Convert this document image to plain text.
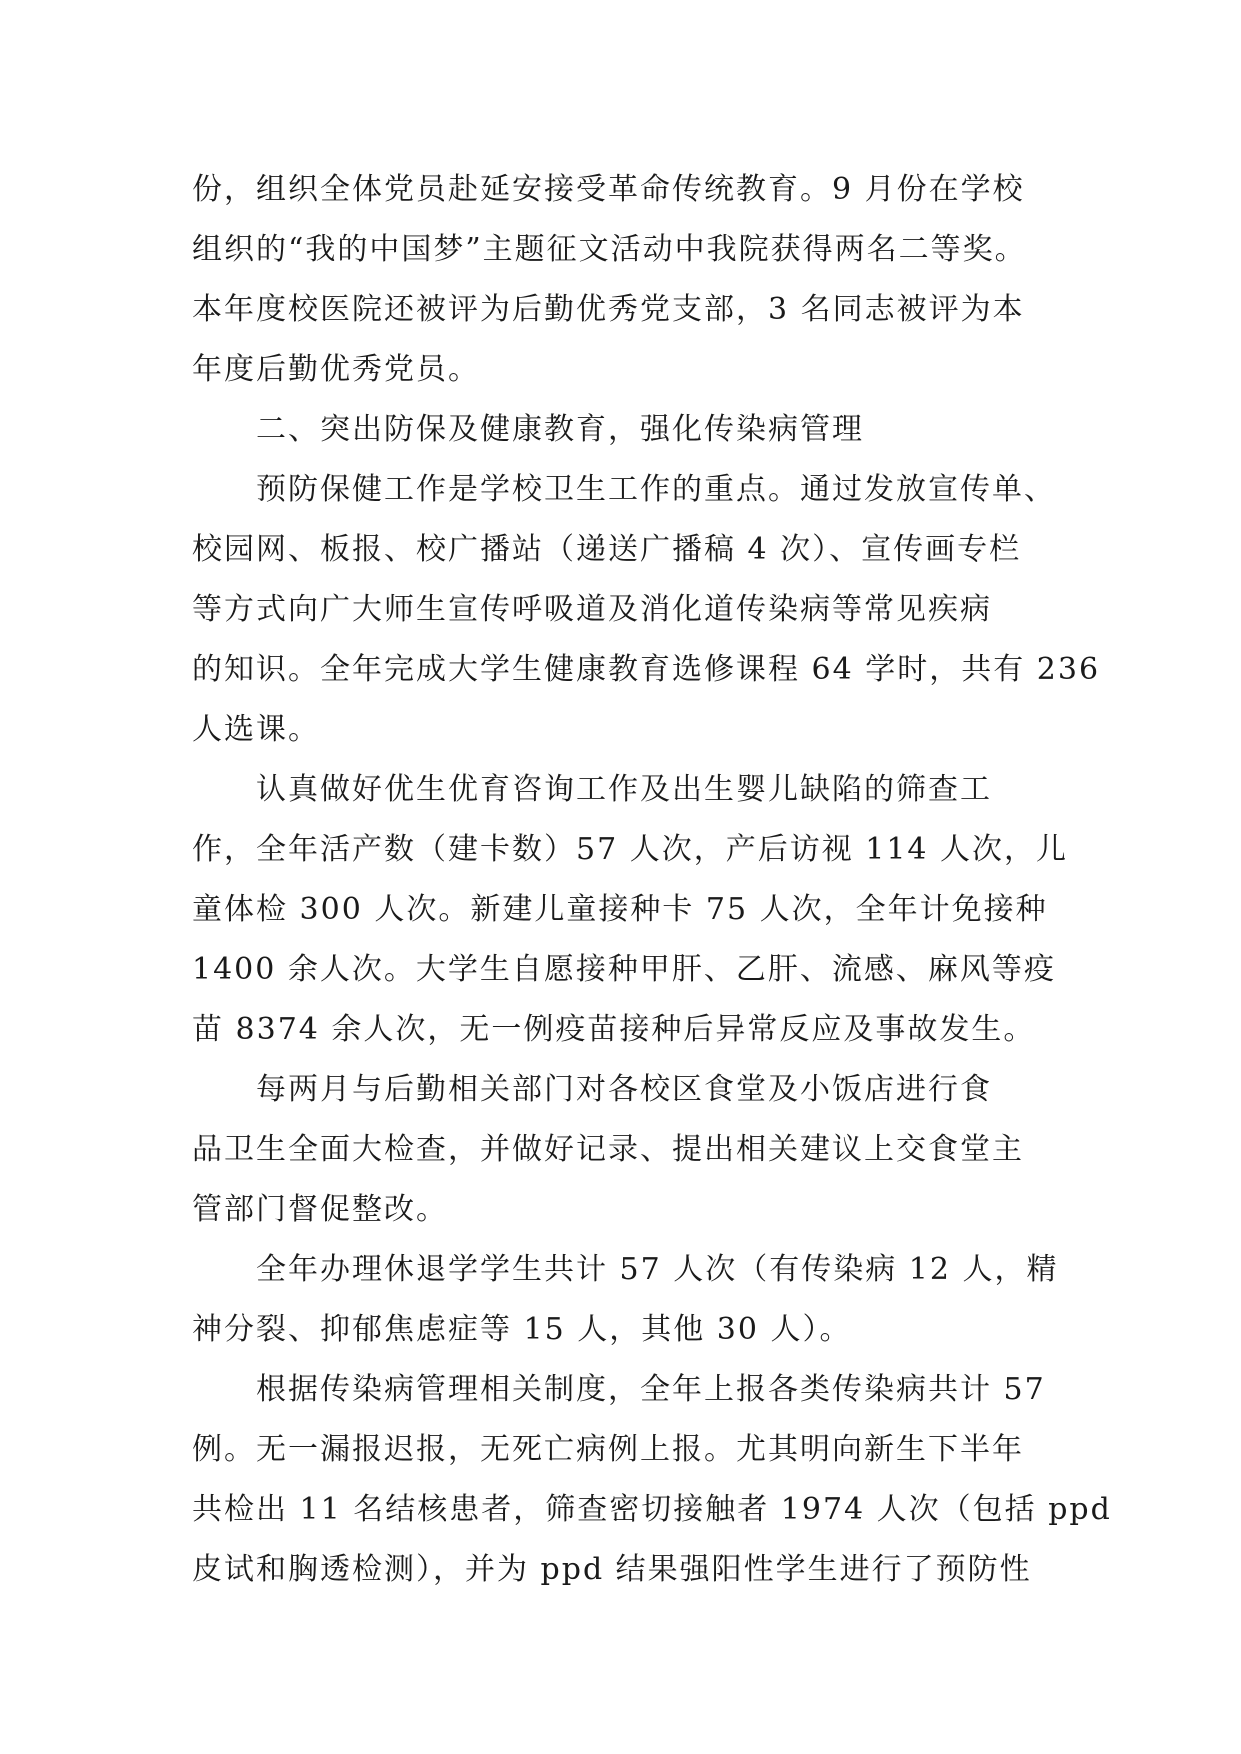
份，组织全体党员赴延安接受革命传统教育。9 月份在学校
组织的“我的中国梦”主题征文活动中我院获得两名二等奖。
本年度校医院还被评为后勤优秀党支部，3 名同志被评为本
年度后勤优秀党员。
二、突出防保及健康教育，强化传染病管理
预防保健工作是学校卫生工作的重点。通过发放宣传单、
校园网、板报、校广播站（递送广播稿 4 次）、宣传画专栏
等方式向广大师生宣传呼吸道及消化道传染病等常见疾病
的知识。全年完成大学生健康教育选修课程 64 学时，共有 236
人选课。
认真做好优生优育咨询工作及出生婴儿缺陷的筛查工
作，全年活产数（建卡数）57 人次，产后访视 114 人次，儿
童体检 300 人次。新建儿童接种卡 75 人次，全年计免接种
1400 余人次。大学生自愿接种甲肝、乙肝、流感、麻风等疫
苗 8374 余人次，无一例疫苗接种后异常反应及事故发生。
每两月与后勤相关部门对各校区食堂及小饭店进行食
品卫生全面大检查，并做好记录、提出相关建议上交食堂主
管部门督促整改。
全年办理休退学学生共计 57 人次（有传染病 12 人，精
神分裂、抑郁焦虑症等 15 人，其他 30 人）。
根据传染病管理相关制度，全年上报各类传染病共计 57
例。无一漏报迟报，无死亡病例上报。尤其明向新生下半年
共检出 11 名结核患者，筛查密切接触者 1974 人次（包括 ppd
皮试和胸透检测），并为 ppd 结果强阳性学生进行了预防性
